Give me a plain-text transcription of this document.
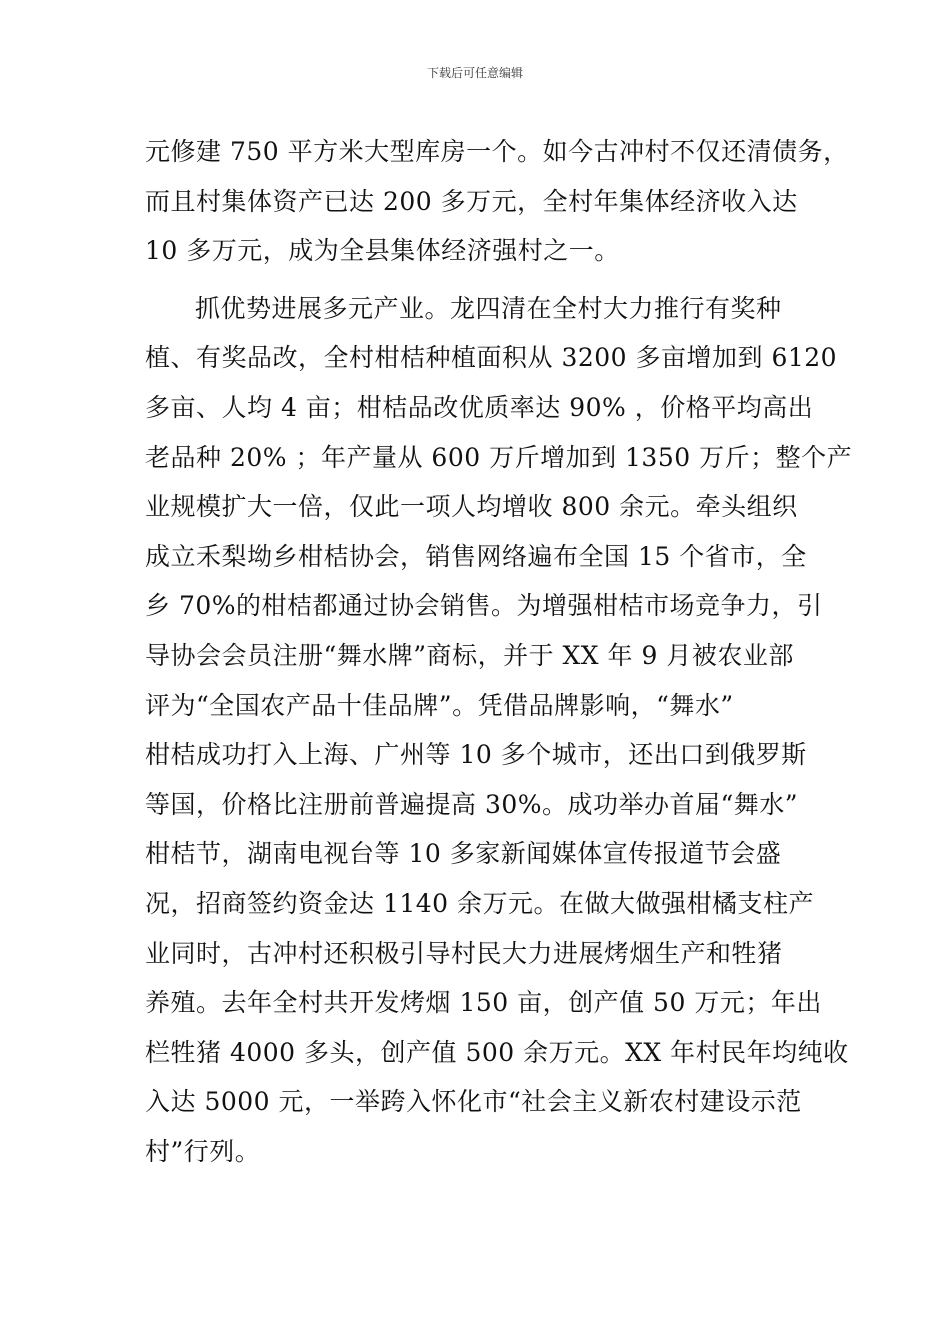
下载后可任意编辑
元修建 750 平方米大型库房一个。如今古冲村不仅还清债务，
而且村集体资产已达 200 多万元，全村年集体经济收入达
10 多万元，成为全县集体经济强村之一。
抓优势进展多元产业。龙四清在全村大力推行有奖种
植、有奖品改，全村柑桔种植面积从 3200 多亩增加到 6120
多亩、人均 4 亩；柑桔品改优质率达 90% ，价格平均高出
老品种 20% ；年产量从 600 万斤增加到 1350 万斤；整个产
业规模扩大一倍，仅此一项人均增收 800 余元。牵头组织
成立禾梨坳乡柑桔协会，销售网络遍布全国 15 个省市，全
乡 70%的柑桔都通过协会销售。为增强柑桔市场竞争力，引
导协会会员注册“舞水牌”商标，并于 XX 年 9 月被农业部
评为“全国农产品十佳品牌”。凭借品牌影响，“舞水”
柑桔成功打入上海、广州等 10 多个城市，还出口到俄罗斯
等国，价格比注册前普遍提高 30%。成功举办首届“舞水”
柑桔节，湖南电视台等 10 多家新闻媒体宣传报道节会盛
况，招商签约资金达 1140 余万元。在做大做强柑橘支柱产
业同时，古冲村还积极引导村民大力进展烤烟生产和牲猪
养殖。去年全村共开发烤烟 150 亩，创产值 50 万元；年出
栏牲猪 4000 多头，创产值 500 余万元。XX 年村民年均纯收
入达 5000 元，一举跨入怀化市“社会主义新农村建设示范
村”行列。
